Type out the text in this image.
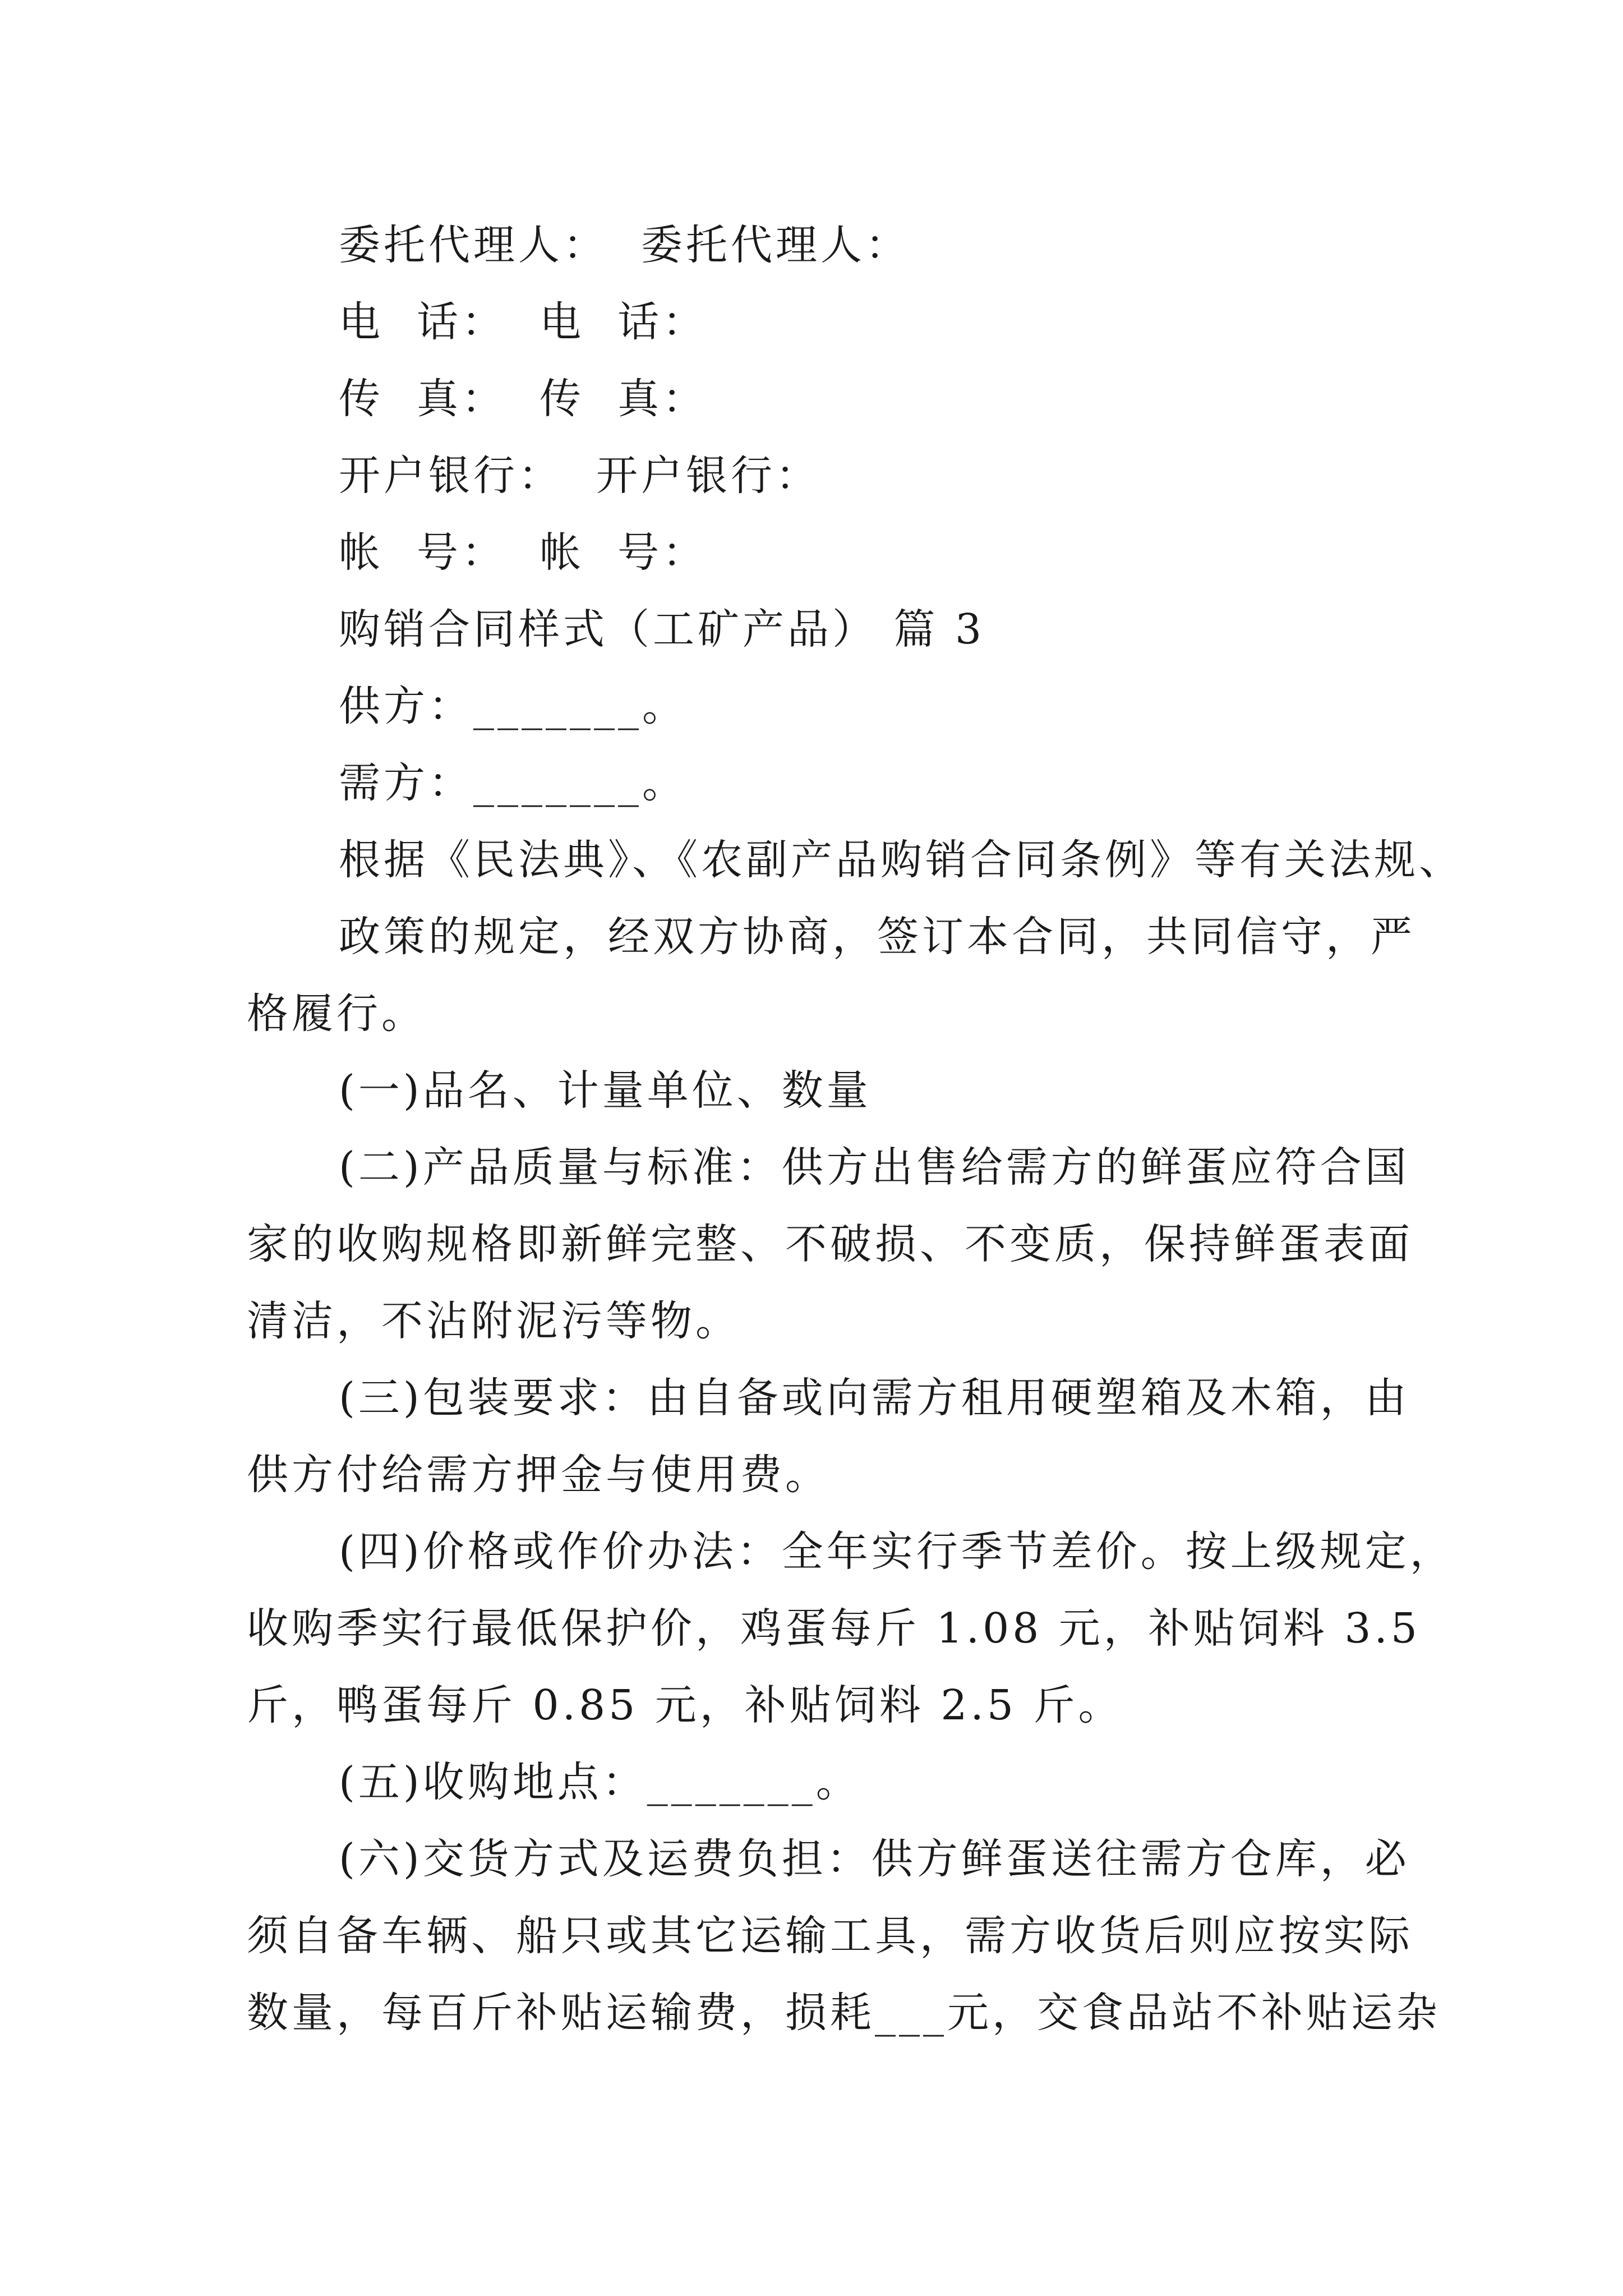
委托代理人：  委托代理人：
电  话：  电  话：
传  真：  传  真：
开户银行：  开户银行：
帐  号：  帐  号：
购销合同样式（工矿产品） 篇 3
供方：_______。
需方：_______。
根据《民法典》、《农副产品购销合同条例》等有关法规、
政策的规定，经双方协商，签订本合同，共同信守，严
格履行。
(一)品名、计量单位、数量
(二)产品质量与标准：供方出售给需方的鲜蛋应符合国
家的收购规格即新鲜完整、不破损、不变质，保持鲜蛋表面
清洁，不沾附泥污等物。
(三)包装要求：由自备或向需方租用硬塑箱及木箱，由
供方付给需方押金与使用费。
(四)价格或作价办法：全年实行季节差价。按上级规定，
收购季实行最低保护价，鸡蛋每斤 1.08 元，补贴饲料 3.5
斤，鸭蛋每斤 0.85 元，补贴饲料 2.5 斤。
(五)收购地点：_______。
(六)交货方式及运费负担：供方鲜蛋送往需方仓库，必
须自备车辆、船只或其它运输工具，需方收货后则应按实际
数量，每百斤补贴运输费，损耗___元，交食品站不补贴运杂
